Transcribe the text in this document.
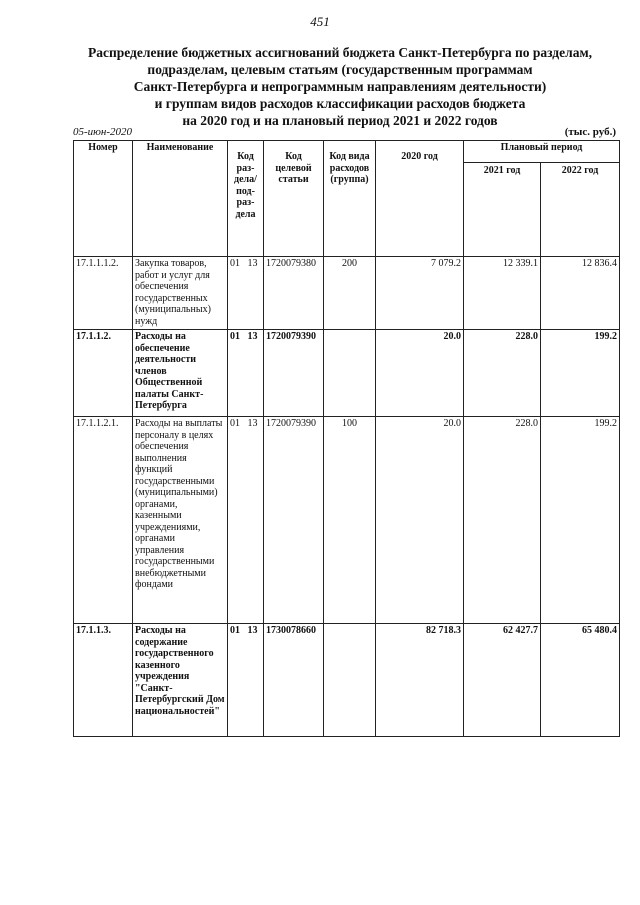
451
Распределение бюджетных ассигнований бюджета Санкт-Петербурга по разделам,
подразделам, целевым статьям (государственным программам
Санкт-Петербурга и непрограммным направлениям деятельности)
и группам видов расходов классификации расходов бюджета
на 2020 год и на плановый период 2021 и 2022 годов
05-июн-2020	(тыс. руб.)
Номер	Наименование	Код раз-дела/ под-раз-дела	Код целевой статьи	Код вида расходов (группа)	2020 год	Плановый период	
						2021 год	2022 год
17.1.1.1.2.	Закупка товаров, работ и услуг для обеспечения государственных (муниципальных) нужд	01 13	1720079380	200	7 079.2	12 339.1	12 836.4
17.1.1.2.	Расходы на обеспечение деятельности членов Общественной палаты Санкт-Петербурга	01 13	1720079390		20.0	228.0	199.2
17.1.1.2.1.	Расходы на выплаты персоналу в целях обеспечения выполнения функций государственными (муниципальными) органами, казенными учреждениями, органами управления государственными внебюджетными фондами	01 13	1720079390	100	20.0	228.0	199.2
17.1.1.3.	Расходы на содержание государственного казенного учреждения "Санкт-Петербургский Дом национальностей"	01 13	1730078660		82 718.3	62 427.7	65 480.4
